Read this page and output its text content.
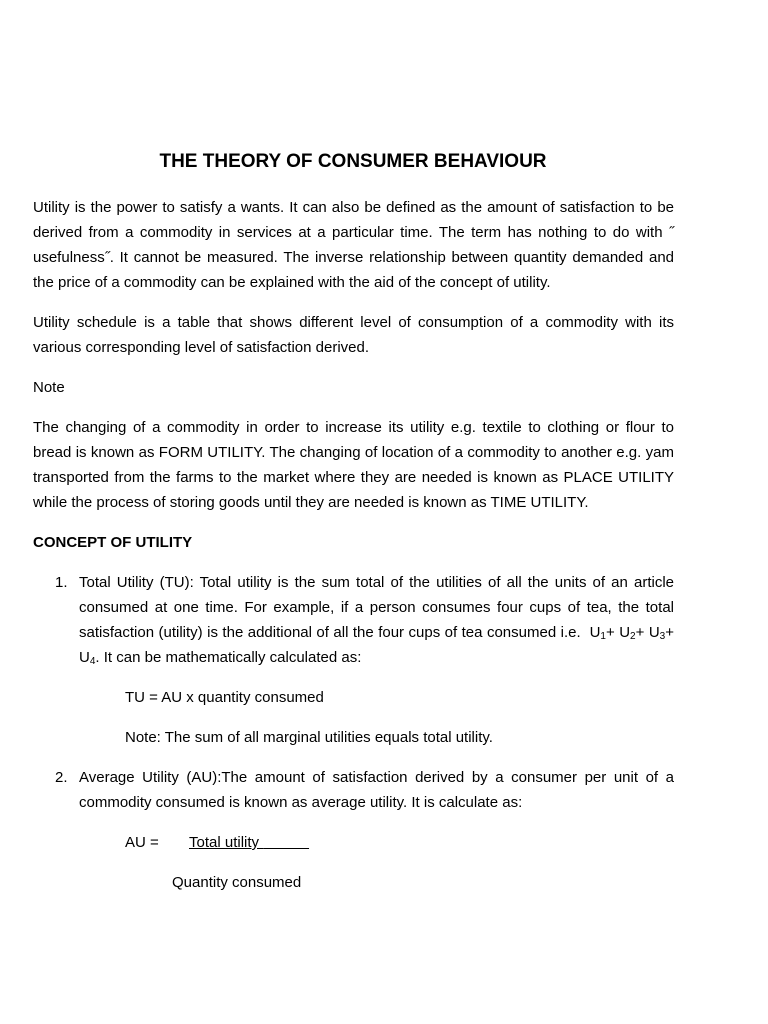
THE THEORY OF CONSUMER BEHAVIOUR
Utility is the power to satisfy a wants. It can also be defined as the amount of satisfaction to be derived from a commodity in services at a particular time. The term has nothing to do with ˝ usefulness˝. It cannot be measured. The inverse relationship between quantity demanded and the price of a commodity can be explained with the aid of the concept of utility.
Utility schedule is a table that shows different level of consumption of a commodity with its various corresponding level of satisfaction derived.
Note
The changing of a commodity in order to increase its utility e.g. textile to clothing or flour to bread is known as FORM UTILITY. The changing of location of a commodity to another e.g. yam transported from the farms to the market where they are needed is known as PLACE UTILITY while the process of storing goods until they are needed is known as TIME UTILITY.
CONCEPT OF UTILITY
1. Total Utility (TU): Total utility is the sum total of the utilities of all the units of an article consumed at one time. For example, if a person consumes four cups of tea, the total satisfaction (utility) is the additional of all the four cups of tea consumed i.e. $U_1+ U_2+ U_3+ U_4$. It can be mathematically calculated as:
TU = AU x quantity consumed
Note: The sum of all marginal utilities equals total utility.
2. Average Utility (AU):The amount of satisfaction derived by a consumer per unit of a commodity consumed is known as average utility. It is calculate as:
AU = Total utility
Quantity consumed
